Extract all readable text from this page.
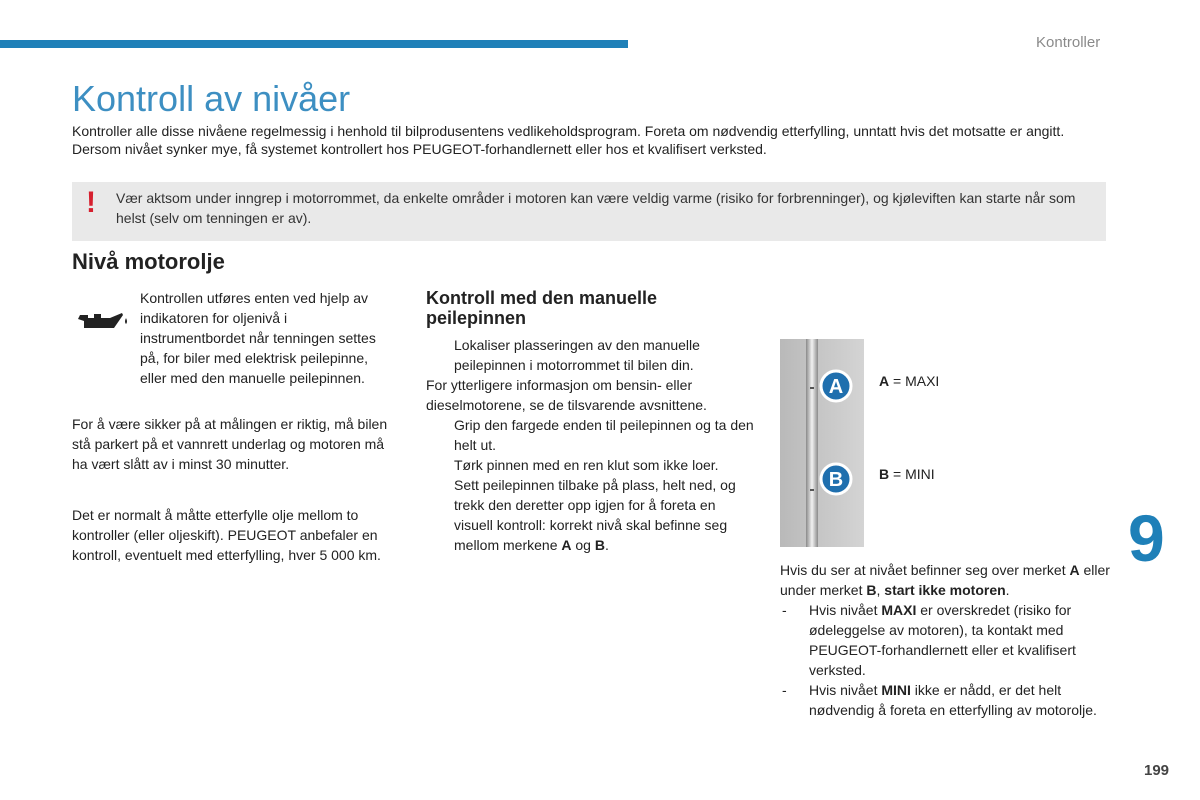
Kontroller
Kontroll av nivåer

Kontroller alle disse nivåene regelmessig i henhold til bilprodusentens vedlikeholdsprogram. Foreta om nødvendig etterfylling, unntatt hvis det motsatte er angitt.

Dersom nivået synker mye, få systemet kontrollert hos PEUGEOT-forhandlernett eller hos et kvalifisert verksted.

! Vær aktsom under inngrep i motorrommet, da enkelte områder i motoren kan være veldig varme (risiko for forbrenninger), og kjøleviften kan starte når som helst (selv om tenningen er av).
Nivå motorolje
Kontrollen utføres enten ved hjelp av indikatoren for oljenivå i instrumentbordet når tenningen settes på, for biler med elektrisk peilepinne, eller med den manuelle peilepinnen.

For å være sikker på at målingen er riktig, må bilen stå parkert på et vannrett underlag og motoren må ha vært slått av i minst 30 minutter.

Det er normalt å måtte etterfylle olje mellom to kontroller (eller oljeskift). PEUGEOT anbefaler en kontroll, eventuelt med etterfylling, hver 5 000 km.

Kontroll med den manuelle peilepinnen
Lokaliser plasseringen av den manuelle peilepinnen i motorrommet til bilen din.

For ytterligere informasjon om bensin- eller dieselmotorene, se de tilsvarende avsnittene.

Grip den fargede enden til peilepinnen og ta den helt ut.
Tørk pinnen med en ren klut som ikke loer.
Sett peilepinnen tilbake på plass, helt ned, og trekk den deretter opp igjen for å foreta en visuell kontroll: korrekt nivå skal befinne seg mellom merkene A og B.
A
B
A = MAXI
B = MINI
9

Hvis du ser at nivået befinner seg over merket A eller under merket B, start ikke motoren.

- Hvis nivået MAXI er overskredet (risiko for ødeleggelse av motoren), ta kontakt med PEUGEOT-forhandlernett eller et kvalifisert verksted.
- Hvis nivået MINI ikke er nådd, er det helt nødvendig å foreta en etterfylling av motorolje.
199
